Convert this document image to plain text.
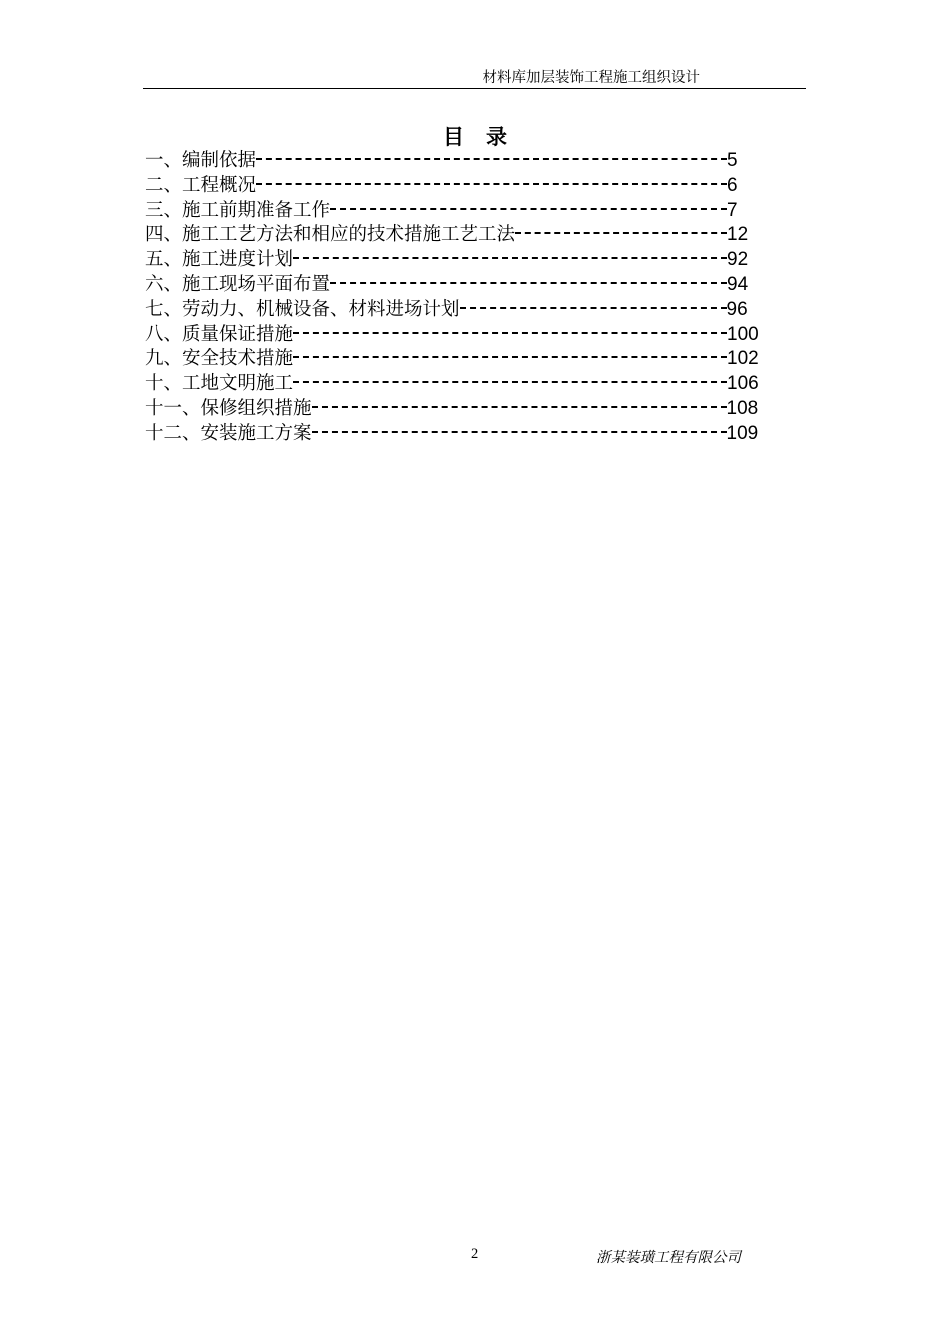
材料库加层装饰工程施工组织设计
目录
一、编制依据	5
二、工程概况	6
三、施工前期准备工作	7
四、施工工艺方法和相应的技术措施工艺工法	12
五、施工进度计划	92
六、施工现场平面布置	94
七、劳动力、机械设备、材料进场计划	96
八、质量保证措施	100
九、安全技术措施	102
十、工地文明施工	106
十一、保修组织措施	108
十二、安装施工方案	109
2	浙某装璜工程有限公司
